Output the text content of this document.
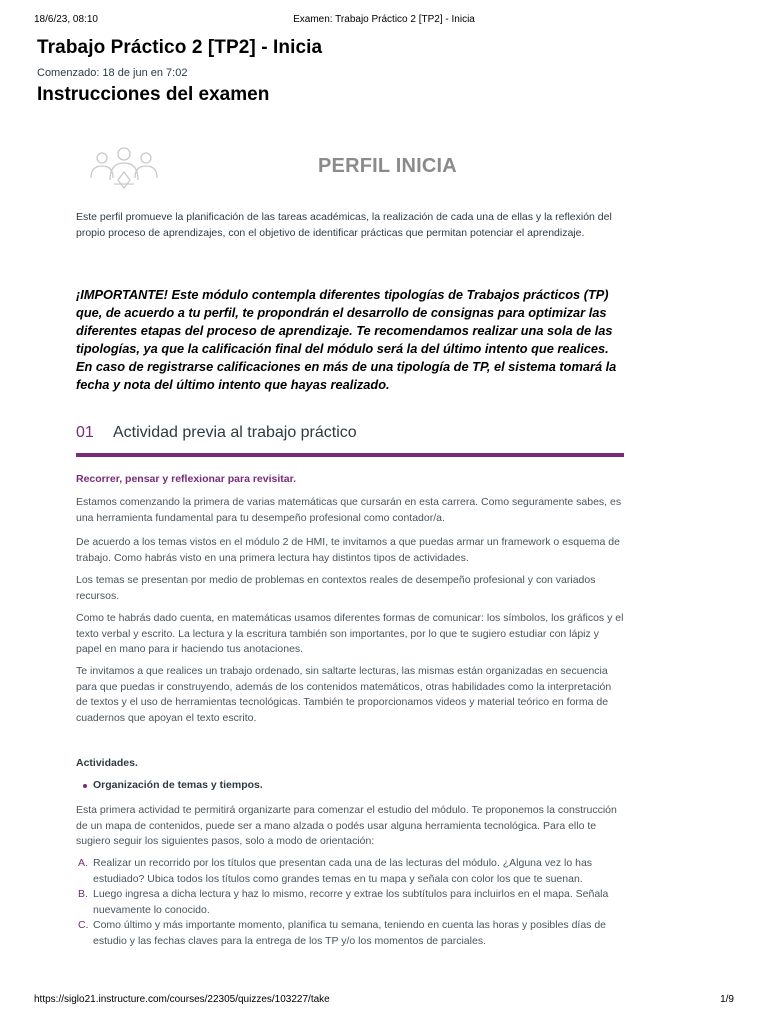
18/6/23, 08:10	Examen: Trabajo Práctico 2 [TP2] - Inicia
Trabajo Práctico 2 [TP2] - Inicia
Comenzado: 18 de jun en 7:02
Instrucciones del examen
PERFIL INICIA
Este perfil promueve la planificación de las tareas académicas, la realización de cada una de ellas y la reflexión del propio proceso de aprendizajes, con el objetivo de identificar prácticas que permitan potenciar el aprendizaje.
¡IMPORTANTE! Este módulo contempla diferentes tipologías de Trabajos prácticos (TP) que, de acuerdo a tu perfil, te propondrán el desarrollo de consignas para optimizar las diferentes etapas del proceso de aprendizaje. Te recomendamos realizar una sola de las tipologías, ya que la calificación final del módulo será la del último intento que realices. En caso de registrarse calificaciones en más de una tipología de TP, el sistema tomará la fecha y nota del último intento que hayas realizado.
01 Actividad previa al trabajo práctico
Recorrer, pensar y reflexionar para revisitar.
Estamos comenzando la primera de varias matemáticas que cursarán en esta carrera. Como seguramente sabes, es una herramienta fundamental para tu desempeño profesional como contador/a.
De acuerdo a los temas vistos en el módulo 2 de HMI, te invitamos a que puedas armar un framework o esquema de trabajo. Como habrás visto en una primera lectura hay distintos tipos de actividades.
Los temas se presentan por medio de problemas en contextos reales de desempeño profesional y con variados recursos.
Como te habrás dado cuenta, en matemáticas usamos diferentes formas de comunicar: los símbolos, los gráficos y el texto verbal y escrito. La lectura y la escritura también son importantes, por lo que te sugiero estudiar con lápiz y papel en mano para ir haciendo tus anotaciones.
Te invitamos a que realices un trabajo ordenado, sin saltarte lecturas, las mismas están organizadas en secuencia para que puedas ir construyendo, además de los contenidos matemáticos, otras habilidades como la interpretación de textos y el uso de herramientas tecnológicas. También te proporcionamos videos y material teórico en forma de cuadernos que apoyan el texto escrito.
Actividades.
Organización de temas y tiempos.
Esta primera actividad te permitirá organizarte para comenzar el estudio del módulo. Te proponemos la construcción de un mapa de contenidos, puede ser a mano alzada o podés usar alguna herramienta tecnológica. Para ello te sugiero seguir los siguientes pasos, solo a modo de orientación:
A. Realizar un recorrido por los títulos que presentan cada una de las lecturas del módulo. ¿Alguna vez lo has estudiado? Ubica todos los títulos como grandes temas en tu mapa y señala con color los que te suenan.
B. Luego ingresa a dicha lectura y haz lo mismo, recorre y extrae los subtítulos para incluirlos en el mapa. Señala nuevamente lo conocido.
C. Como último y más importante momento, planifica tu semana, teniendo en cuenta las horas y posibles días de estudio y las fechas claves para la entrega de los TP y/o los momentos de parciales.
https://siglo21.instructure.com/courses/22305/quizzes/103227/take	1/9
